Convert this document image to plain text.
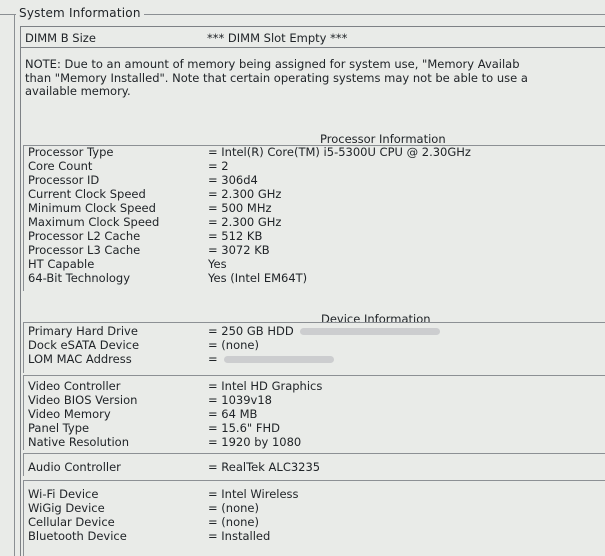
System Information
DIMM B Size	*** DIMM Slot Empty ***
NOTE: Due to an amount of memory being assigned for system use, "Memory Availab
than "Memory Installed". Note that certain operating systems may not be able to use a
available memory.
Processor Information
Processor Type	= Intel(R) Core(TM) i5-5300U CPU @ 2.30GHz
Core Count	= 2
Processor ID	= 306d4
Current Clock Speed	= 2.300 GHz
Minimum Clock Speed	= 500 MHz
Maximum Clock Speed	= 2.300 GHz
Processor L2 Cache	= 512 KB
Processor L3 Cache	= 3072 KB
HT Capable	Yes
64-Bit Technology	Yes (Intel EM64T)
Device Information
Primary Hard Drive	= 250 GB HDD
Dock eSATA Device	= (none)
LOM MAC Address	=
Video Controller	= Intel HD Graphics
Video BIOS Version	= 1039v18
Video Memory	= 64 MB
Panel Type	= 15.6" FHD
Native Resolution	= 1920 by 1080
Audio Controller	= RealTek ALC3235
Wi-Fi Device	= Intel Wireless
WiGig Device	= (none)
Cellular Device	= (none)
Bluetooth Device	= Installed
